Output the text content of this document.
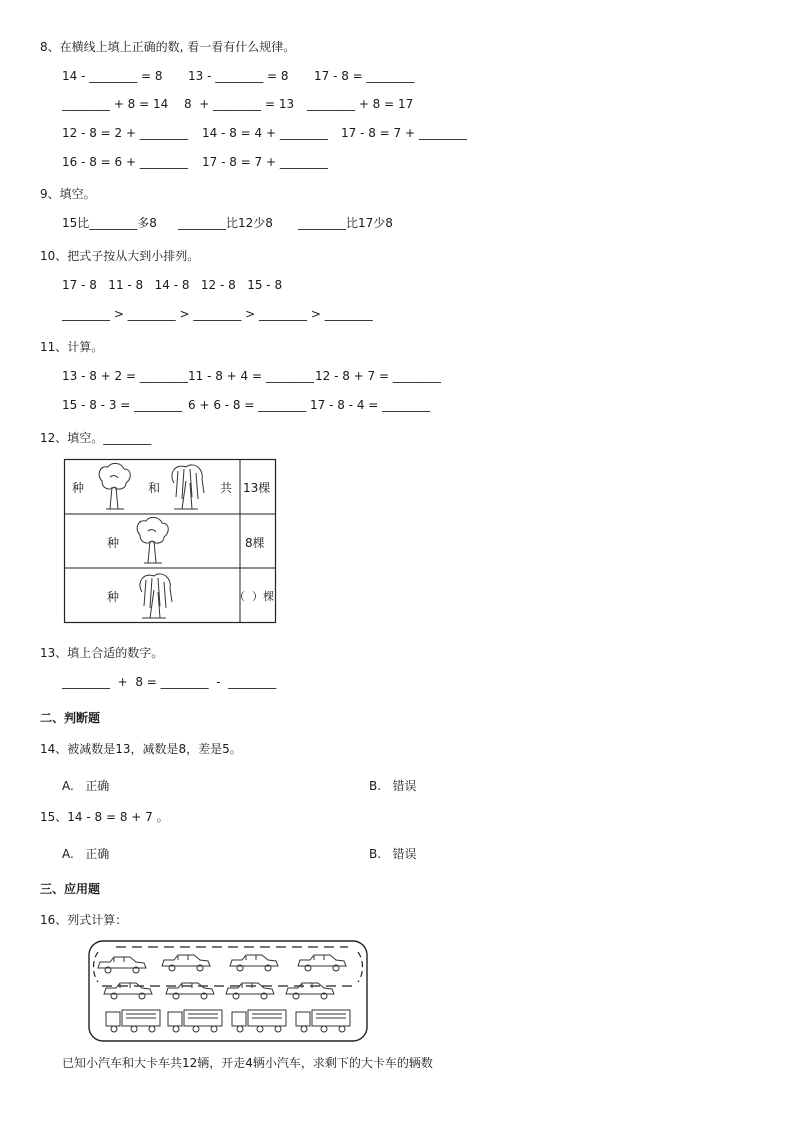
8、在横线上填上正确的数, 看一看有什么规律。
14 - ________ = 8 13 - ________ = 8 17 - 8 = ________
________ + 8 = 14 8  + ________ = 13 ________ + 8 = 17
12 - 8 = 2 + ________ 14 - 8 = 4 + ________ 17 - 8 = 7 + ________
16 - 8 = 6 + ________ 17 - 8 = 7 + ________
9、填空。
15比________多8 ________比12少8 ________比17少8
10、把式子按从大到小排列。
17 - 8   11 - 8   14 - 8   12 - 8   15 - 8
________ > ________ > ________ > ________ > ________
11、计算。
13 - 8 + 2 = ________ 11 - 8 + 4 = ________ 12 - 8 + 7 = ________
15 - 8 - 3 = ________ 6 + 6 - 8 = ________ 17 - 8 - 4 = ________
12、填空。________
种	和	共 13棵
种	8棵
种	（  ）棵
13、填上合适的数字。
________  +  8 = ________  -  ________
二、判断题
14、被减数是13，减数是8，差是5。
A.   正确	B.   错误
15、14 - 8 = 8 + 7 。
A.   正确	B.   错误
三、应用题
16、列式计算：
已知小汽车和大卡车共12辆，开走4辆小汽车，求剩下的大卡车的辆数
